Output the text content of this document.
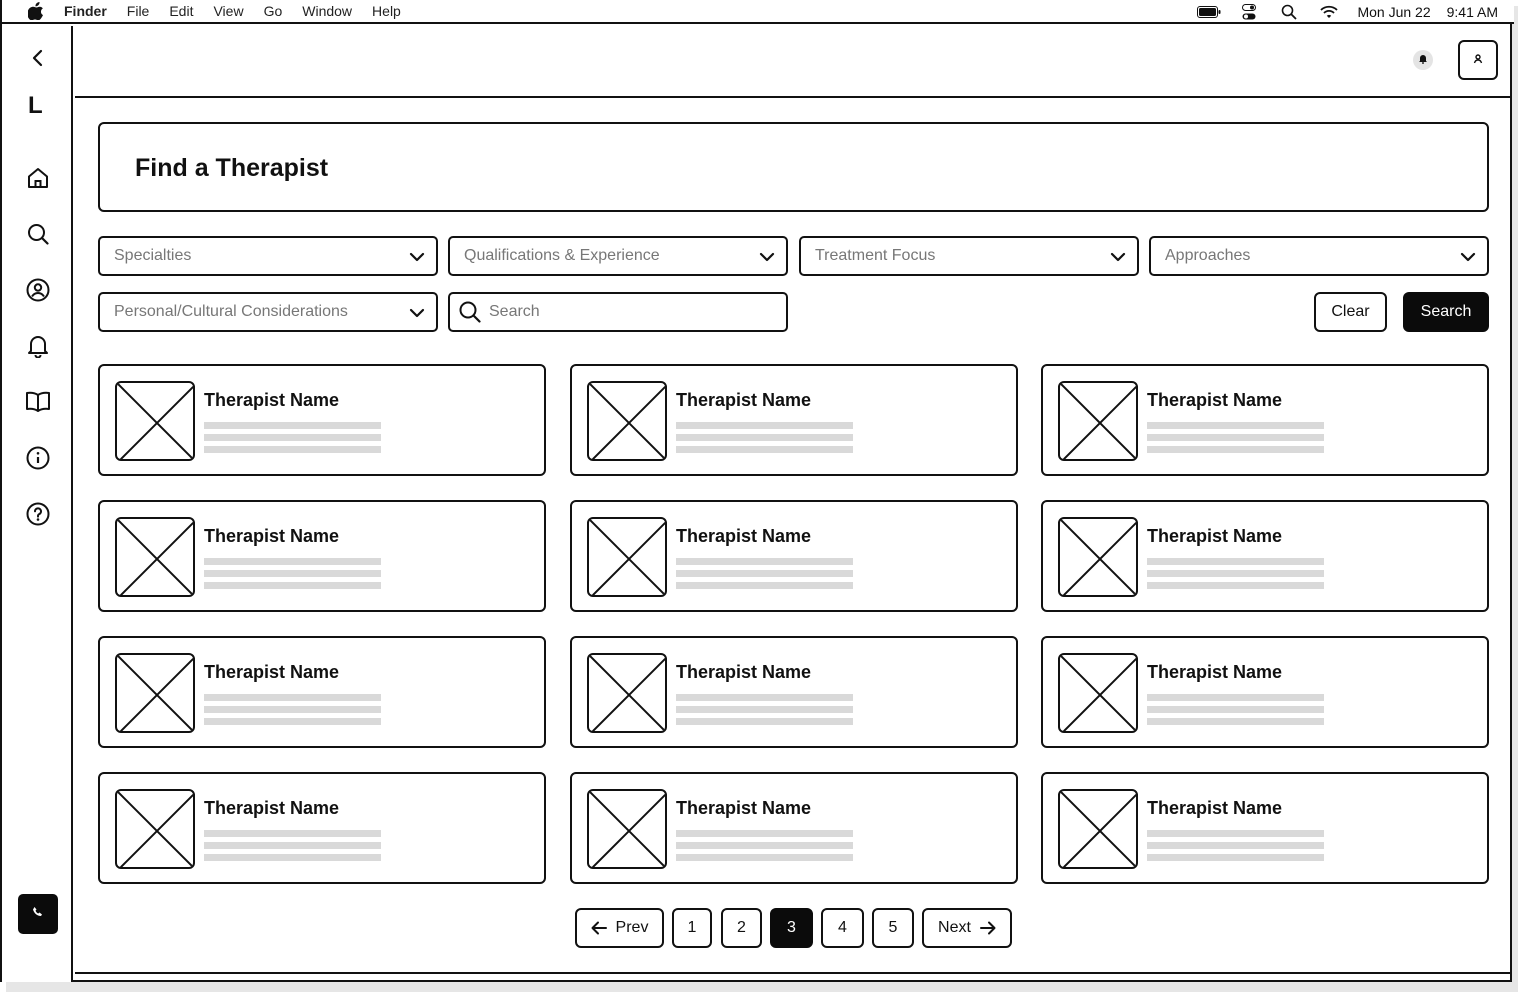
Finder File Edit View Go Window Help	Mon Jun 22 9:41 AM
L
Find a Therapist
Specialties	Qualifications & Experience	Treatment Focus	Approaches
Personal/Cultural Considerations
Search	Clear	Search
Therapist Name	Therapist Name	Therapist Name
Therapist Name	Therapist Name	Therapist Name
Therapist Name	Therapist Name	Therapist Name
Therapist Name	Therapist Name	Therapist Name
Prev	1	2	3	4	5	Next
